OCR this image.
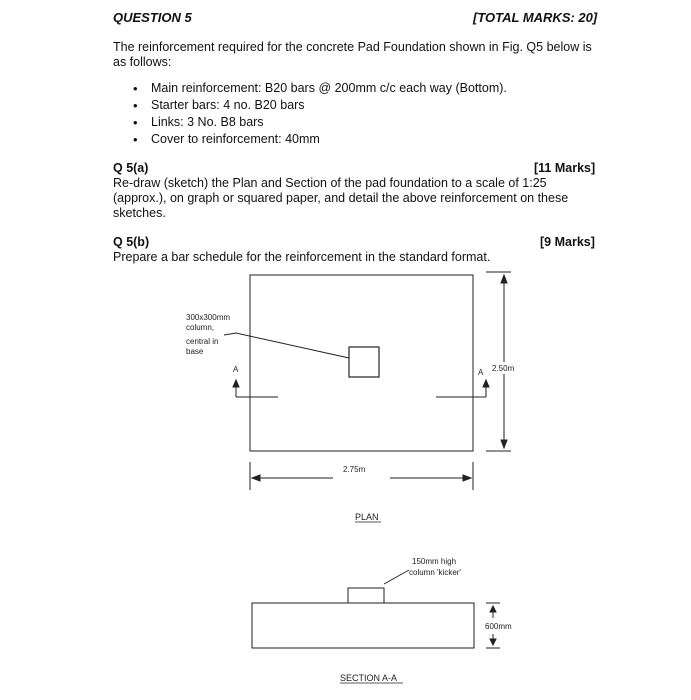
QUESTION 5	[TOTAL MARKS: 20]
The reinforcement required for the concrete Pad Foundation shown in Fig. Q5 below is as follows:
• Main reinforcement: B20 bars @ 200mm c/c each way (Bottom).
• Starter bars: 4 no. B20 bars
• Links: 3 No. B8 bars
• Cover to reinforcement: 40mm
Q 5(a)	[11 Marks]
Re-draw (sketch) the Plan and Section of the pad foundation to a scale of 1:25 (approx.), on graph or squared paper, and detail the above reinforcement on these sketches.
Q 5(b)	[9 Marks]
Prepare a bar schedule for the reinforcement in the standard format.
300x300mm
column,
central in
base
A	A 2.50m
2.75m
150mm high
column 'kicker'
600mm
PLAN
SECTION A-A
